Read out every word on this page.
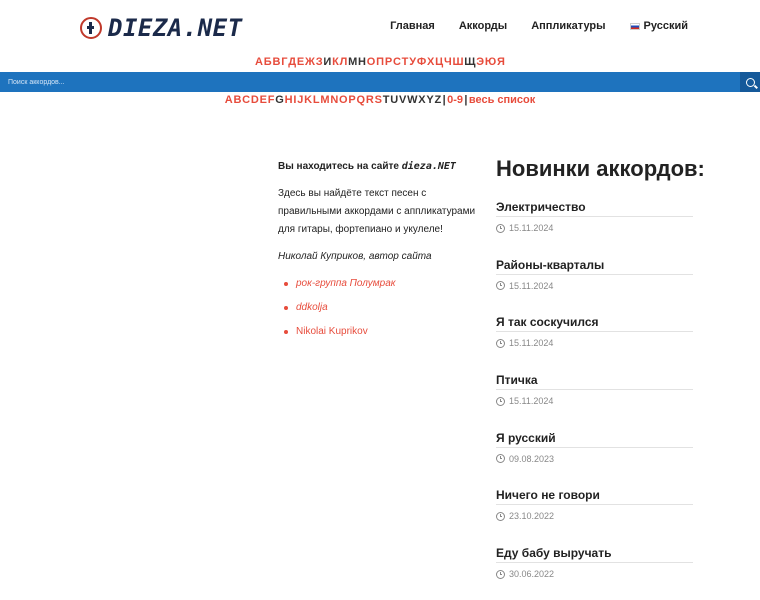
DIEZA.NET	Главная Аккорды Аппликатуры	Русский
АБВГДЕЖЗИКЛМНОПРСТУФХЦЧШЩЭЮЯ
Поиск аккордов...
ABCDEFGHIJKLMNOPQRSTUVWXYZ|0-9|весь список

Вы находитесь на сайте dieza.NET

Здесь вы найдёте текст песен с правильными аккордами с аппликатурами для гитары, фортепиано и укулеле!

Николай Куприков, автор сайта

рок-группа Полумрак
ddkolja
Nikolai Kuprikov
Новинки аккордов:
Электричество
15.11.2024
Районы-кварталы
15.11.2024
Я так соскучился
15.11.2024
Птичка
15.11.2024
Я русский
09.08.2023
Ничего не говори
23.10.2022
Еду бабу выручать
30.06.2022
